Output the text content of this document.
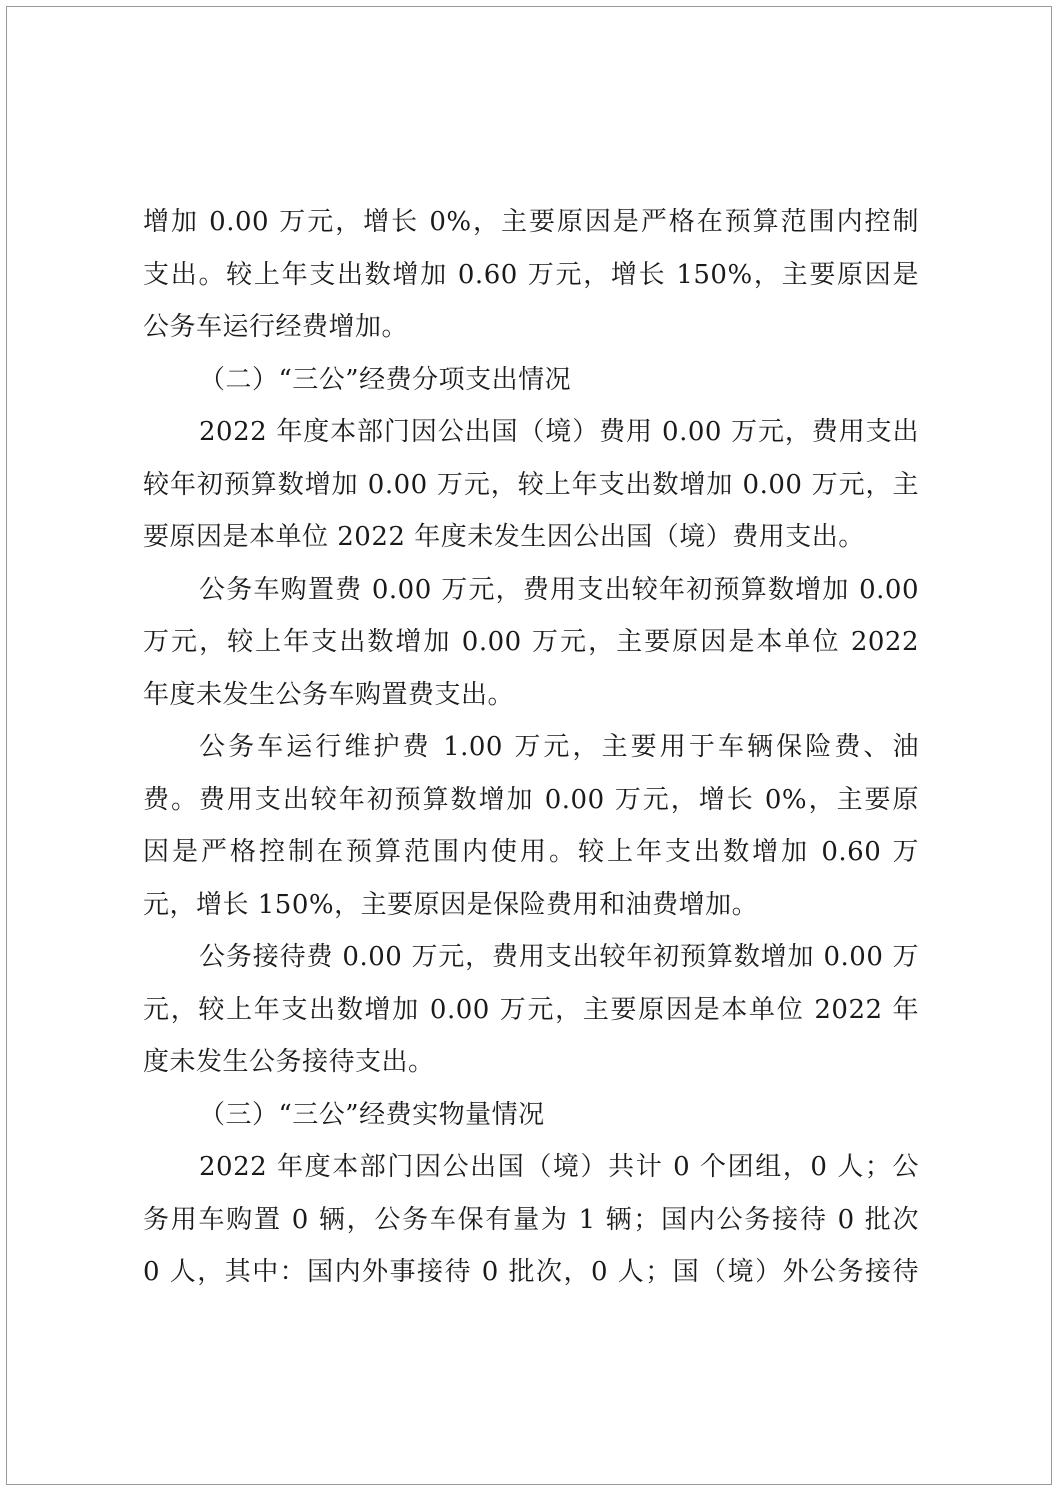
增加 0.00 万元，增长 0%，主要原因是严格在预算范围内控制
支出。较上年支出数增加 0.60 万元，增长 150%，主要原因是
公务车运行经费增加。
（二）“三公”经费分项支出情况
2022 年度本部门因公出国（境）费用 0.00 万元，费用支出
较年初预算数增加 0.00 万元，较上年支出数增加 0.00 万元，主
要原因是本单位 2022 年度未发生因公出国（境）费用支出。
公务车购置费 0.00 万元，费用支出较年初预算数增加 0.00
万元，较上年支出数增加 0.00 万元，主要原因是本单位 2022
年度未发生公务车购置费支出。
公务车运行维护费 1.00 万元，主要用于车辆保险费、油
费。费用支出较年初预算数增加 0.00 万元，增长 0%，主要原
因是严格控制在预算范围内使用。较上年支出数增加 0.60 万
元，增长 150%，主要原因是保险费用和油费增加。
公务接待费 0.00 万元，费用支出较年初预算数增加 0.00 万
元，较上年支出数增加 0.00 万元，主要原因是本单位 2022 年
度未发生公务接待支出。
（三）“三公”经费实物量情况
2022 年度本部门因公出国（境）共计 0 个团组，0 人；公
务用车购置 0 辆，公务车保有量为 1 辆；国内公务接待 0 批次
0 人，其中：国内外事接待 0 批次，0 人；国（境）外公务接待
